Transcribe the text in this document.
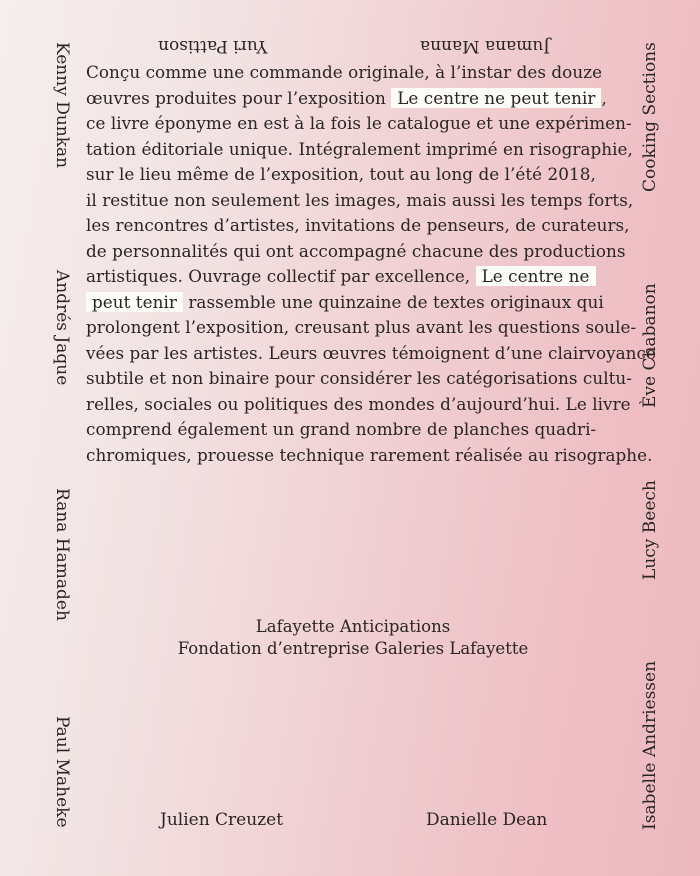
Jumana Manna
Yuri Pattison
Kenny Dunkan
Andrés Jaque
Rana Hamadeh
Paul Maheke
Cooking Sections
Ève Chabanon
Lucy Beech
Isabelle Andriessen
Conçu comme une commande originale, à l’instar des douze
œuvres produites pour l’exposition Le centre ne peut tenir ,
ce livre éponyme en est à la fois le catalogue et une expérimen-
tation éditoriale unique. Intégralement imprimé en risographie,
sur le lieu même de l’exposition, tout au long de l’été 2018,
il restitue non seulement les images, mais aussi les temps forts,
les rencontres d’artistes, invitations de penseurs, de curateurs,
de personnalités qui ont accompagné chacune des productions
artistiques. Ouvrage collectif par excellence, Le centre ne
peut tenir rassemble une quinzaine de textes originaux qui
prolongent l’exposition, creusant plus avant les questions soule-
vées par les artistes. Leurs œuvres témoignent d’une clairvoyance
subtile et non binaire pour considérer les catégorisations cultu-
relles, sociales ou politiques des mondes d’aujourd’hui. Le livre
comprend également un grand nombre de planches quadri-
chromiques, prouesse technique rarement réalisée au risographe.
Lafayette Anticipations
Fondation d’entreprise Galeries Lafayette
Julien Creuzet	Danielle Dean
